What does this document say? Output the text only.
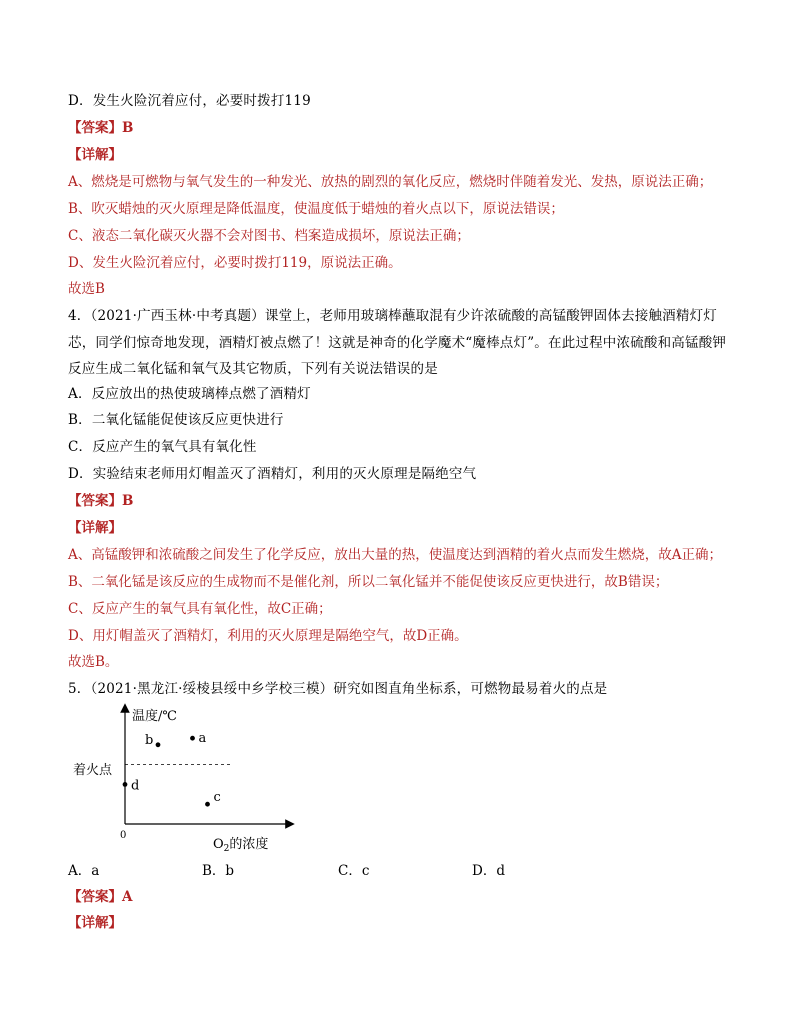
D．发生火险沉着应付，必要时拨打119
【答案】B
【详解】
A、燃烧是可燃物与氧气发生的一种发光、放热的剧烈的氧化反应，燃烧时伴随着发光、发热，原说法正确；
B、吹灭蜡烛的灭火原理是降低温度，使温度低于蜡烛的着火点以下，原说法错误；
C、液态二氧化碳灭火器不会对图书、档案造成损坏，原说法正确；
D、发生火险沉着应付，必要时拨打119，原说法正确。
故选B
4．（2021·广西玉林·中考真题）课堂上，老师用玻璃棒蘸取混有少许浓硫酸的高锰酸钾固体去接触酒精灯灯
芯，同学们惊奇地发现，酒精灯被点燃了！这就是神奇的化学魔术“魔棒点灯”。在此过程中浓硫酸和高锰酸钾
反应生成二氧化锰和氧气及其它物质，下列有关说法错误的是
A．反应放出的热使玻璃棒点燃了酒精灯
B．二氧化锰能促使该反应更快进行
C．反应产生的氧气具有氧化性
D．实验结束老师用灯帽盖灭了酒精灯，利用的灭火原理是隔绝空气
【答案】B
【详解】
A、高锰酸钾和浓硫酸之间发生了化学反应，放出大量的热，使温度达到酒精的着火点而发生燃烧，故A正确；
B、二氧化锰是该反应的生成物而不是催化剂，所以二氧化锰并不能促使该反应更快进行，故B错误；
C、反应产生的氧气具有氧化性，故C正确；
D、用灯帽盖灭了酒精灯，利用的灭火原理是隔绝空气，故D正确。
故选B。
5．（2021·黑龙江·绥棱县绥中乡学校三模）研究如图直角坐标系，可燃物最易着火的点是
温度/℃
0
$O_2$的浓度
着火点
a
b
c
d
A．a	B．b	C．c	D．d
【答案】A
【详解】
